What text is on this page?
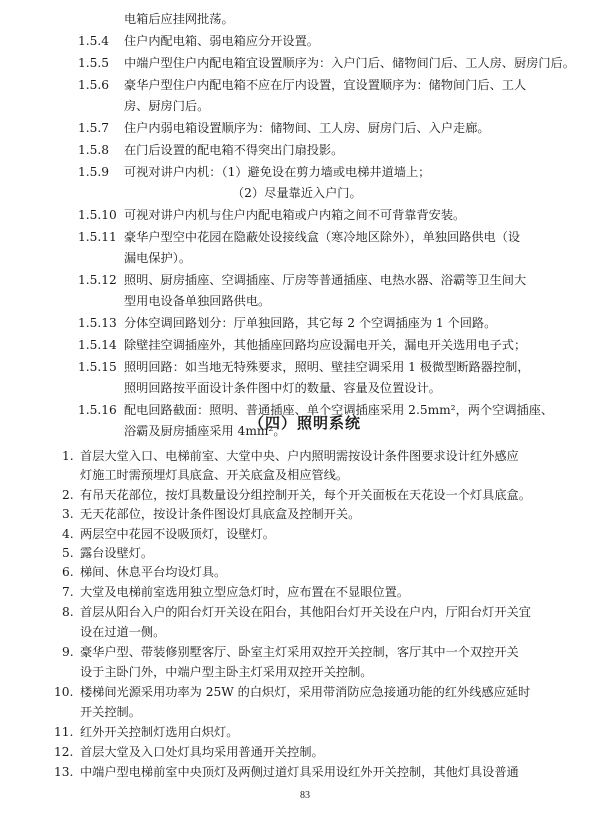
电箱后应挂网批荡。
1.5.4 住户内配电箱、弱电箱应分开设置。
1.5.5 中端户型住户内配电箱宜设置顺序为：入户门后、储物间门后、工人房、厨房门后。
1.5.6 豪华户型住户内配电箱不应在厅内设置，宜设置顺序为：储物间门后、工人
房、厨房门后。
1.5.7 住户内弱电箱设置顺序为：储物间、工人房、厨房门后、入户走廊。
1.5.8 在门后设置的配电箱不得突出门扇投影。
1.5.9 可视对讲户内机：（1）避免设在剪力墙或电梯井道墙上；
（2）尽量靠近入户门。
1.5.10 可视对讲户内机与住户内配电箱或户内箱之间不可背靠背安装。
1.5.11 豪华户型空中花园在隐蔽处设接线盒（寒冷地区除外），单独回路供电（设
漏电保护）。
1.5.12 照明、厨房插座、空调插座、厅房等普通插座、电热水器、浴霸等卫生间大
型用电设备单独回路供电。
1.5.13 分体空调回路划分：厅单独回路，其它每 2 个空调插座为 1 个回路。
1.5.14 除壁挂空调插座外，其他插座回路均应设漏电开关，漏电开关选用电子式；
1.5.15 照明回路：如当地无特殊要求，照明、壁挂空调采用 1 极微型断路器控制，
照明回路按平面设计条件图中灯的数量、容量及位置设计。
1.5.16 配电回路截面：照明、普通插座、单个空调插座采用 2.5mm²，两个空调插座、
浴霸及厨房插座采用 4mm²。
（四）照明系统
1. 首层大堂入口、电梯前室、大堂中央、户内照明需按设计条件图要求设计红外感应
灯施工时需预埋灯具底盒、开关底盒及相应管线。
2. 有吊天花部位，按灯具数量设分组控制开关，每个开关面板在天花设一个灯具底盒。
3. 无天花部位，按设计条件图设灯具底盒及控制开关。
4. 两层空中花园不设吸顶灯，设壁灯。
5. 露台设壁灯。
6. 梯间、休息平台均设灯具。
7. 大堂及电梯前室选用独立型应急灯时，应布置在不显眼位置。
8. 首层从阳台入户的阳台灯开关设在阳台，其他阳台灯开关设在户内，厅阳台灯开关宜
设在过道一侧。
9. 豪华户型、带装修别墅客厅、卧室主灯采用双控开关控制，客厅其中一个双控开关
设于主卧门外，中端户型主卧主灯采用双控开关控制。
10. 楼梯间光源采用功率为 25W 的白炽灯，采用带消防应急接通功能的红外线感应延时
开关控制。
11. 红外开关控制灯选用白炽灯。
12. 首层大堂及入口处灯具均采用普通开关控制。
13. 中端户型电梯前室中央顶灯及两侧过道灯具采用设红外开关控制，其他灯具设普通
83
